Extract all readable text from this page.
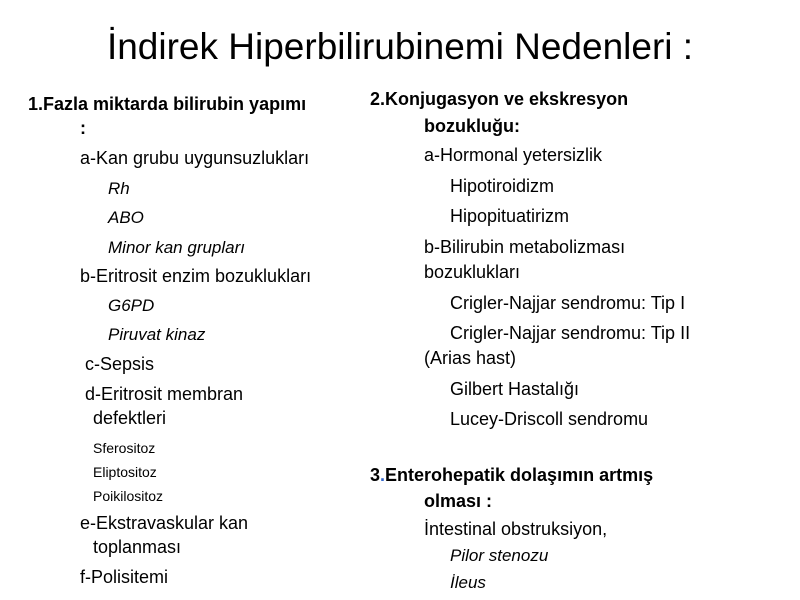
İndirek Hiperbilirubinemi Nedenleri :
1.Fazla miktarda bilirubin yapımı
:
a-Kan grubu uygunsuzlukları
Rh
ABO
Minor kan grupları
b-Eritrosit enzim bozuklukları
G6PD
Piruvat kinaz
c-Sepsis
d-Eritrosit membran
defektleri
Sferositoz
Eliptositoz
Poikilositoz
e-Ekstravaskular kan
toplanması
f-Polisitemi
2.Konjugasyon ve ekskresyon
bozukluğu:
a-Hormonal yetersizlik
Hipotiroidizm
Hipopituatirizm
b-Bilirubin metabolizması
bozuklukları
Crigler-Najjar sendromu: Tip I
Crigler-Najjar sendromu: Tip II
(Arias hast)
Gilbert Hastalığı
Lucey-Driscoll sendromu
3.Enterohepatik dolaşımın artmış
olması :
İntestinal obstruksiyon,
Pilor stenozu
İleus
